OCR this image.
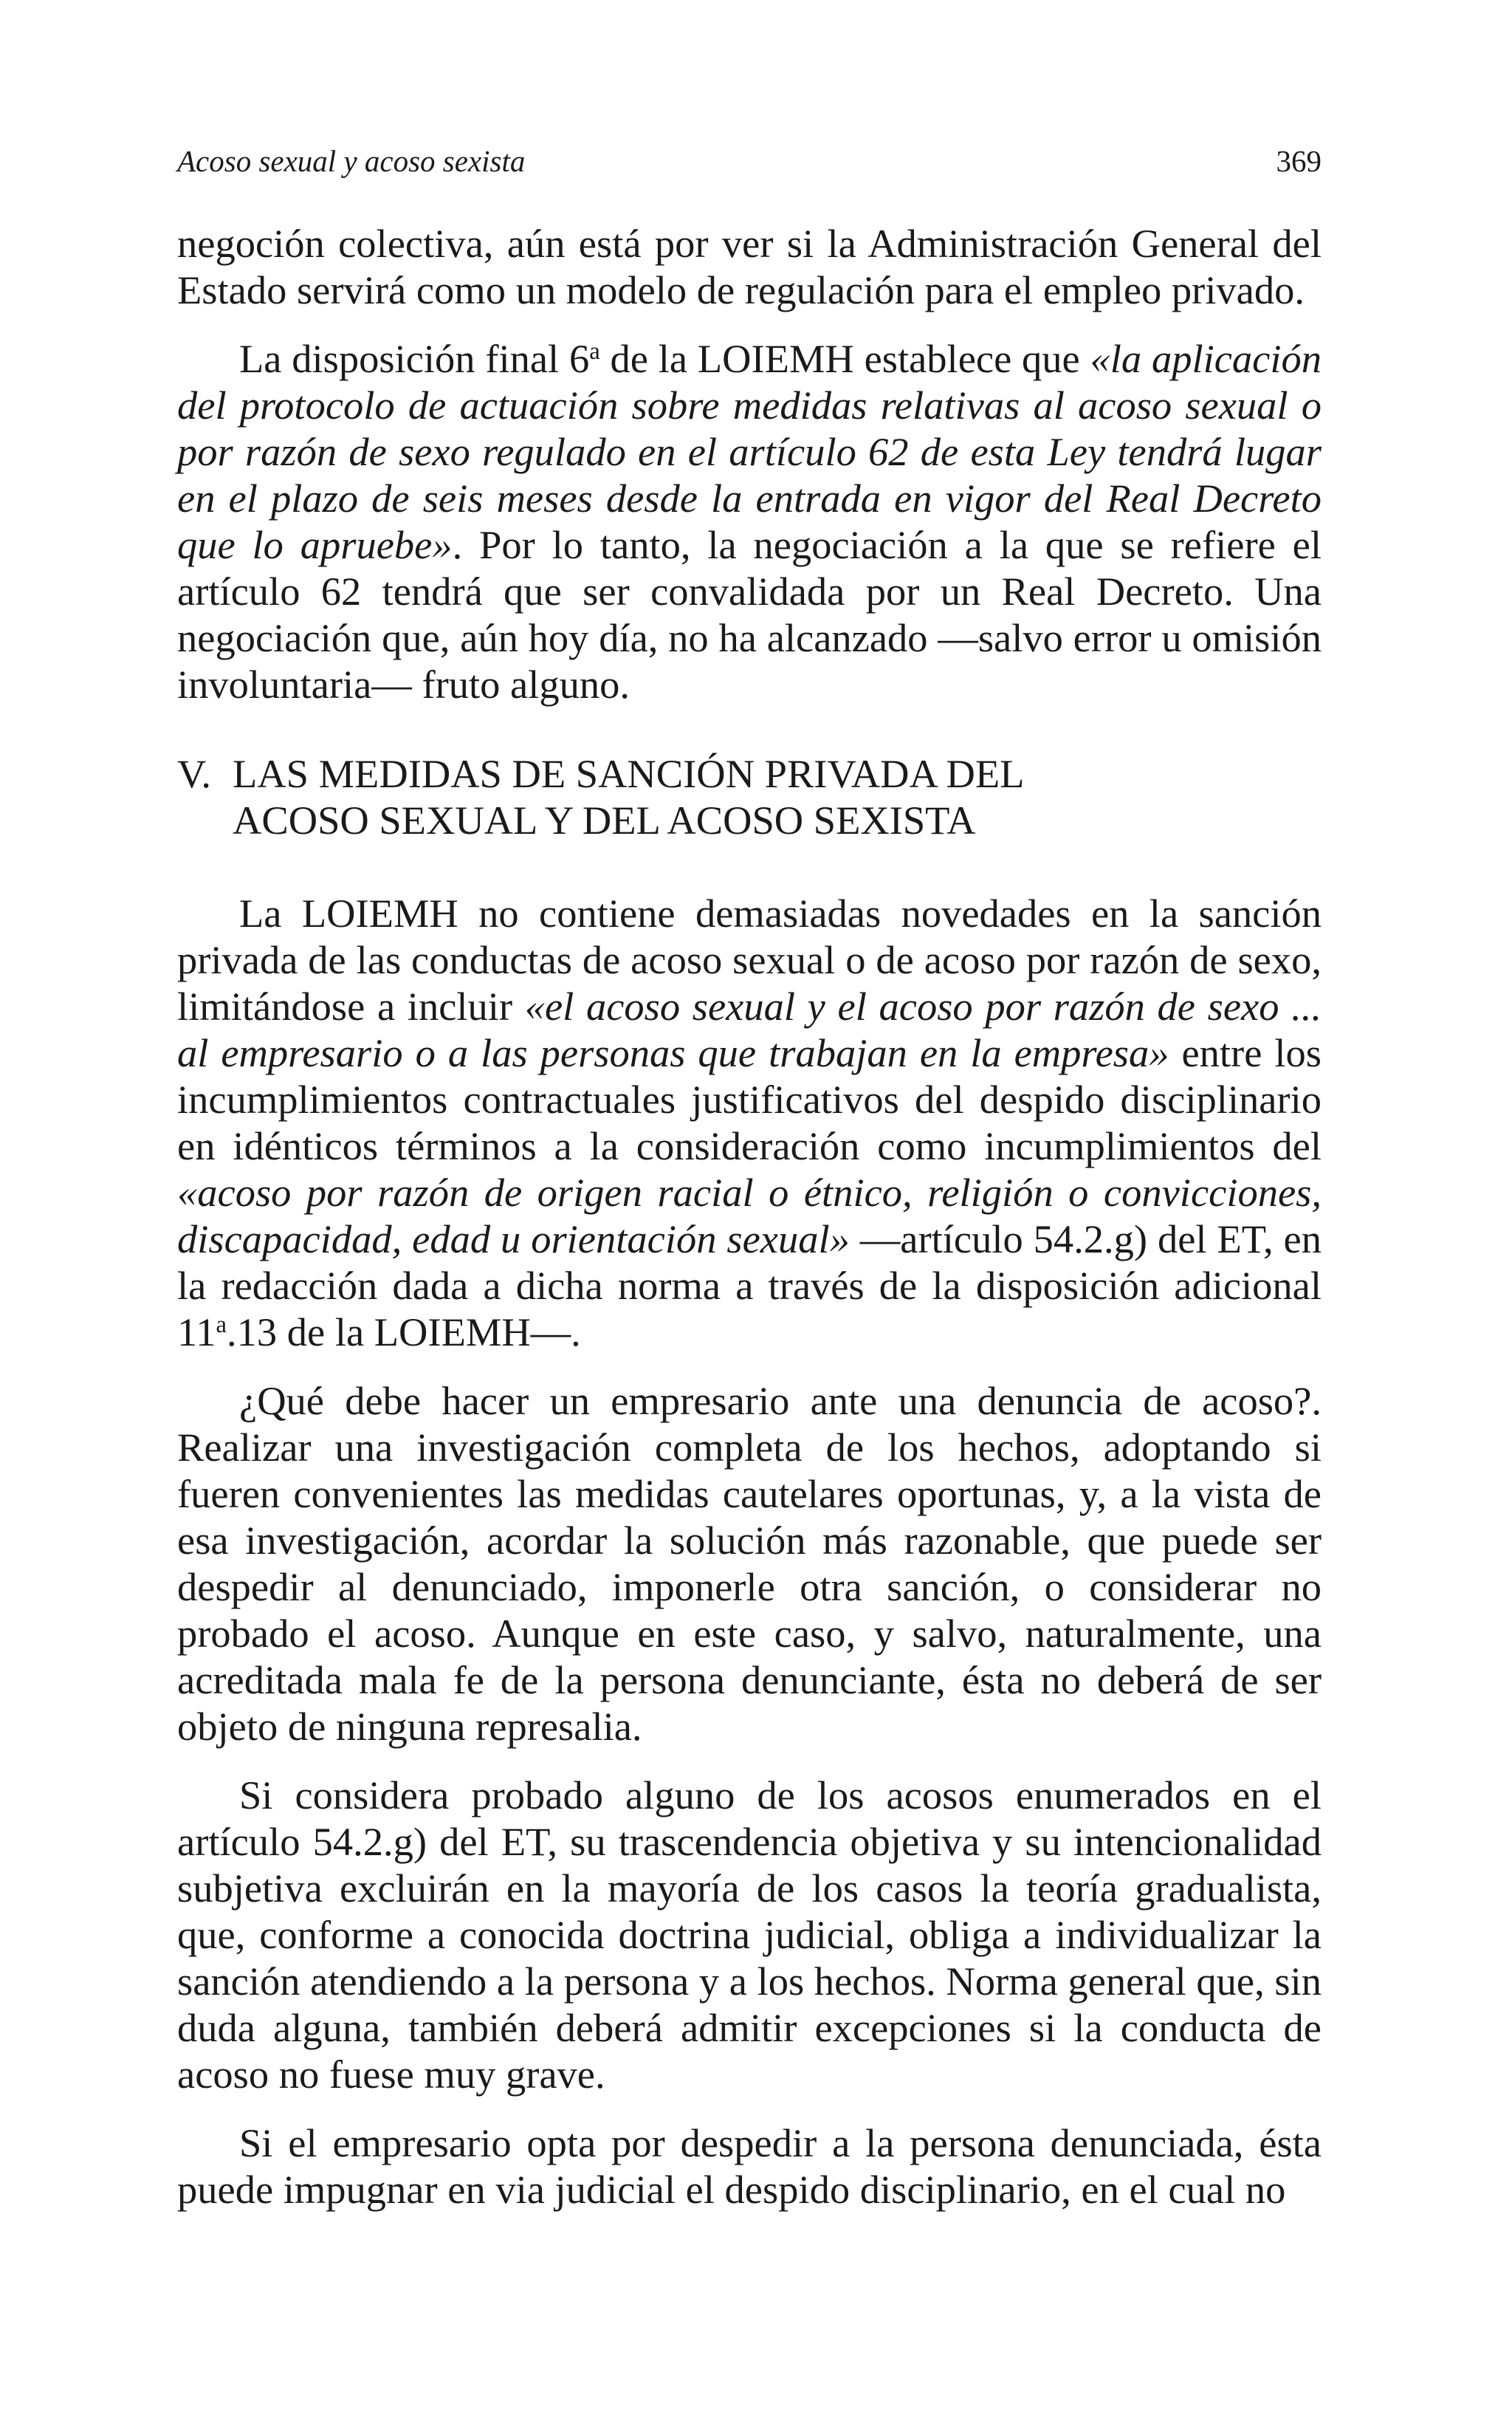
Acoso sexual y acoso sexista	369

negoción colectiva, aún está por ver si la Administración General del Estado servirá como un modelo de regulación para el empleo privado.

La disposición final 6$^a$ de la LOIEMH establece que «la aplicación del protocolo de actuación sobre medidas relativas al acoso sexual o por razón de sexo regulado en el artículo 62 de esta Ley tendrá lugar en el plazo de seis meses desde la entrada en vigor del Real Decreto que lo apruebe». Por lo tanto, la negociación a la que se refiere el artículo 62 tendrá que ser convalidada por un Real Decreto. Una negociación que, aún hoy día, no ha alcanzado —salvo error u omisión involuntaria— fruto alguno.

V. LAS MEDIDAS DE SANCIÓN PRIVADA DEL ACOSO SEXUAL Y DEL ACOSO SEXISTA

La LOIEMH no contiene demasiadas novedades en la sanción privada de las conductas de acoso sexual o de acoso por razón de sexo, limitándose a incluir «el acoso sexual y el acoso por razón de sexo ... al empresario o a las personas que trabajan en la empresa» entre los incumplimientos contractuales justificativos del despido disciplinario en idénticos términos a la consideración como incumplimientos del «acoso por razón de origen racial o étnico, religión o convicciones, discapacidad, edad u orientación sexual» —artículo 54.2.g) del ET, en la redacción dada a dicha norma a través de la disposición adicional 11$^a$.13 de la LOIEMH—.

¿Qué debe hacer un empresario ante una denuncia de acoso?. Realizar una investigación completa de los hechos, adoptando si fueren convenientes las medidas cautelares oportunas, y, a la vista de esa investigación, acordar la solución más razonable, que puede ser despedir al denunciado, imponerle otra sanción, o considerar no probado el acoso. Aunque en este caso, y salvo, naturalmente, una acreditada mala fe de la persona denunciante, ésta no deberá de ser objeto de ninguna represalia.

Si considera probado alguno de los acosos enumerados en el artículo 54.2.g) del ET, su trascendencia objetiva y su intencionalidad subjetiva excluirán en la mayoría de los casos la teoría gradualista, que, conforme a conocida doctrina judicial, obliga a individualizar la sanción atendiendo a la persona y a los hechos. Norma general que, sin duda alguna, también deberá admitir excepciones si la conducta de acoso no fuese muy grave.

Si el empresario opta por despedir a la persona denunciada, ésta puede impugnar en via judicial el despido disciplinario, en el cual no
